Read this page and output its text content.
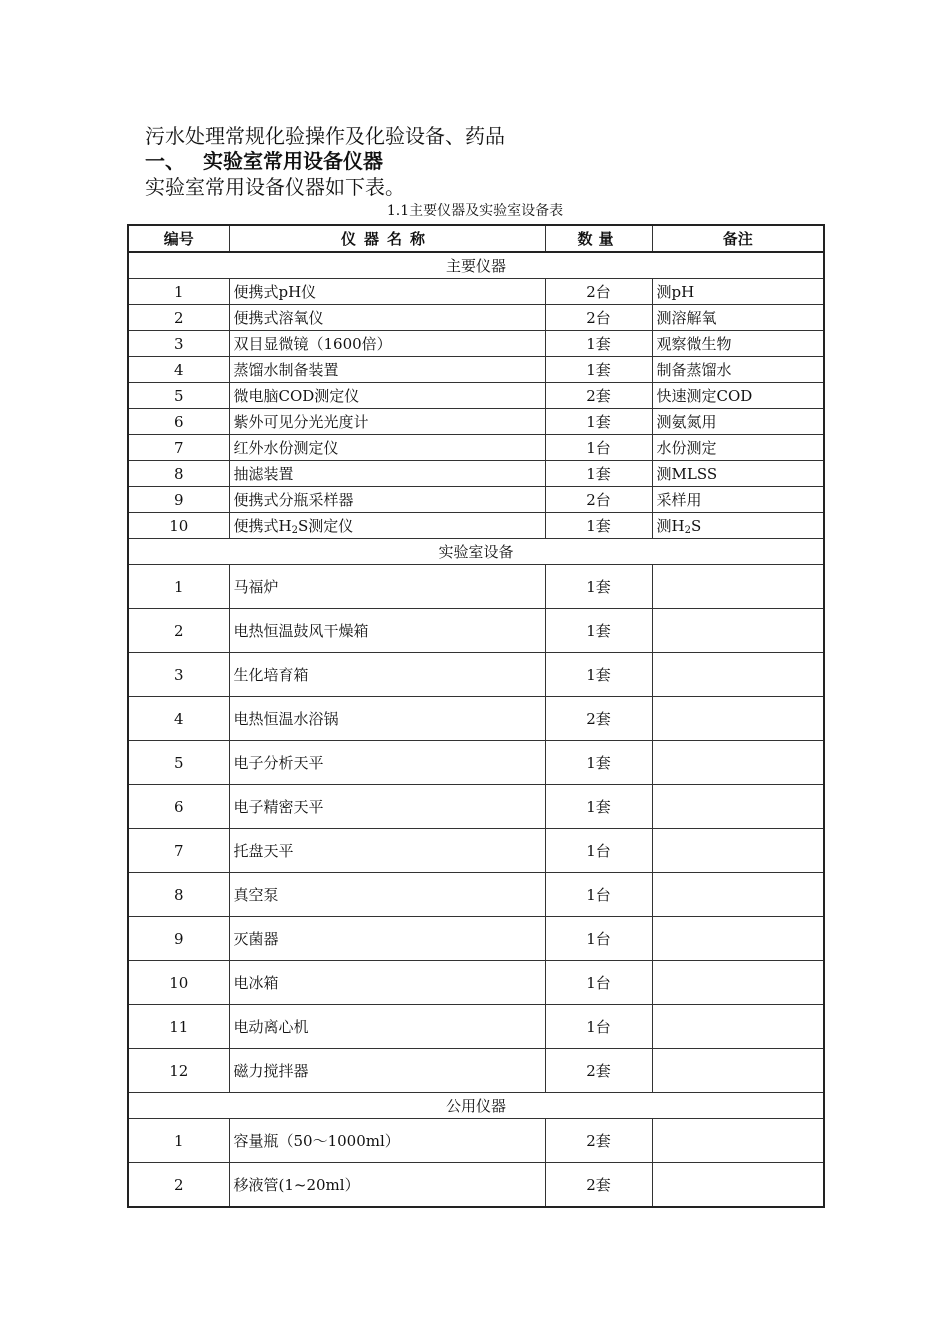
污水处理常规化验操作及化验设备、药品
一、 实验室常用设备仪器

实验室常用设备仪器如下表。

1.1主要仪器及实验室设备表
编号	仪器名称	数量	备注
主要仪器			
1	便携式pH仪	2台	测pH
2	便携式溶氧仪	2台	测溶解氧
3	双目显微镜（1600倍）	1套	观察微生物
4	蒸馏水制备装置	1套	制备蒸馏水
5	微电脑COD测定仪	2套	快速测定COD
6	紫外可见分光光度计	1套	测氨氮用
7	红外水份测定仪	1台	水份测定
8	抽滤装置	1套	测MLSS
9	便携式分瓶采样器	2台	采样用
10	便携式$H_2S$测定仪	1套	测$H_2S$
实验室设备			
1	马福炉	1套	
2	电热恒温鼓风干燥箱	1套	
3	生化培育箱	1套	
4	电热恒温水浴锅	2套	
5	电子分析天平	1套	
6	电子精密天平	1套	
7	托盘天平	1台	
8	真空泵	1台	
9	灭菌器	1台	
10	电冰箱	1台	
11	电动离心机	1台	
12	磁力搅拌器	2套	
公用仪器			
1	容量瓶（50～1000ml）	2套	
2	移液管(1~20ml）	2套	
